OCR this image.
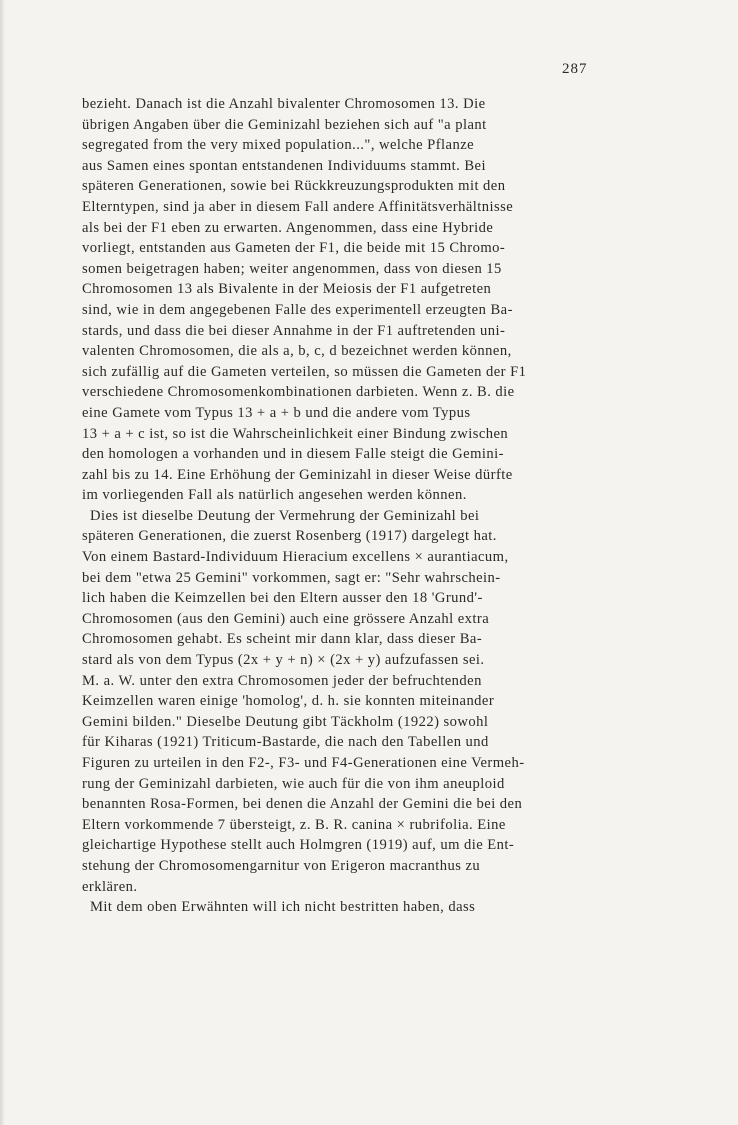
287
bezieht. Danach ist die Anzahl bivalenter Chromosomen 13. Die
übrigen Angaben über die Geminizahl beziehen sich auf "a plant
segregated from the very mixed population...", welche Pflanze
aus Samen eines spontan entstandenen Individuums stammt. Bei
späteren Generationen, sowie bei Rückkreuzungsprodukten mit den
Elterntypen, sind ja aber in diesem Fall andere Affinitätsverhältnisse
als bei der F1 eben zu erwarten. Angenommen, dass eine Hybride
vorliegt, entstanden aus Gameten der F1, die beide mit 15 Chromo-
somen beigetragen haben; weiter angenommen, dass von diesen 15
Chromosomen 13 als Bivalente in der Meiosis der F1 aufgetreten
sind, wie in dem angegebenen Falle des experimentell erzeugten Ba-
stards, und dass die bei dieser Annahme in der F1 auftretenden uni-
valenten Chromosomen, die als a, b, c, d bezeichnet werden können,
sich zufällig auf die Gameten verteilen, so müssen die Gameten der F1
verschiedene Chromosomenkombinationen darbieten. Wenn z. B. die
eine Gamete vom Typus 13 + a + b und die andere vom Typus
13 + a + c ist, so ist die Wahrscheinlichkeit einer Bindung zwischen
den homologen a vorhanden und in diesem Falle steigt die Gemini-
zahl bis zu 14. Eine Erhöhung der Geminizahl in dieser Weise dürfte
im vorliegenden Fall als natürlich angesehen werden können.
Dies ist dieselbe Deutung der Vermehrung der Geminizahl bei
späteren Generationen, die zuerst Rosenberg (1917) dargelegt hat.
Von einem Bastard-Individuum Hieracium excellens × aurantiacum,
bei dem "etwa 25 Gemini" vorkommen, sagt er: "Sehr wahrschein-
lich haben die Keimzellen bei den Eltern ausser den 18 'Grund'-
Chromosomen (aus den Gemini) auch eine grössere Anzahl extra
Chromosomen gehabt. Es scheint mir dann klar, dass dieser Ba-
stard als von dem Typus (2x + y + n) × (2x + y) aufzufassen sei.
M. a. W. unter den extra Chromosomen jeder der befruchtenden
Keimzellen waren einige 'homolog', d. h. sie konnten miteinander
Gemini bilden." Dieselbe Deutung gibt Täckholm (1922) sowohl
für Kiharas (1921) Triticum-Bastarde, die nach den Tabellen und
Figuren zu urteilen in den F2-, F3- und F4-Generationen eine Vermeh-
rung der Geminizahl darbieten, wie auch für die von ihm aneuploid
benannten Rosa-Formen, bei denen die Anzahl der Gemini die bei den
Eltern vorkommende 7 übersteigt, z. B. R. canina × rubrifolia. Eine
gleichartige Hypothese stellt auch Holmgren (1919) auf, um die Ent-
stehung der Chromosomengarnitur von Erigeron macranthus zu
erklären.
Mit dem oben Erwähnten will ich nicht bestritten haben, dass
